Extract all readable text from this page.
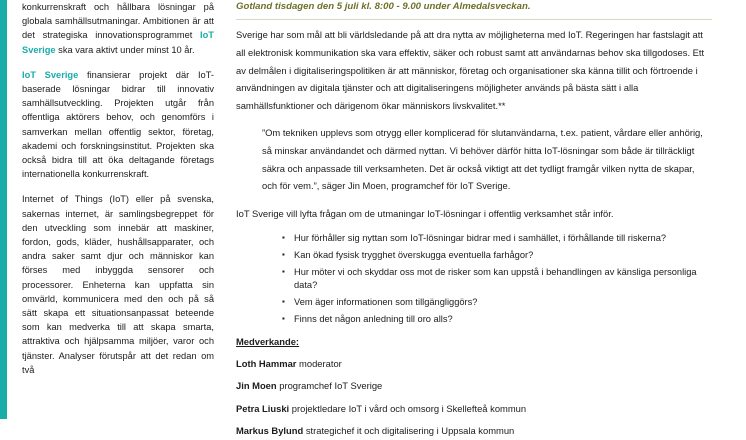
konkurrenskraft och hållbara lösningar på globala samhällsutmaningar. Ambitionen är att det strategiska innovationsprogrammet IoT Sverige ska vara aktivt under minst 10 år.

IoT Sverige finansierar projekt där IoT-baserade lösningar bidrar till innovativ samhällsutveckling. Projekten utgår från offentliga aktörers behov, och genomförs i samverkan mellan offentlig sektor, företag, akademi och forskningsinstitut. Projekten ska också bidra till att öka deltagande företags internationella konkurrenskraft.

Internet of Things (IoT) eller på svenska, sakernas internet, är samlingsbegreppet för den utveckling som innebär att maskiner, fordon, gods, kläder, hushållsapparater, och andra saker samt djur och människor kan förses med inbyggda sensorer och processorer. Enheterna kan uppfatta sin omvärld, kommunicera med den och på så sätt skapa ett situationsanpassat beteende som kan medverka till att skapa smarta, attraktiva och hjälpsamma miljöer, varor och tjänster. Analyser förutspår att det redan om två

Gotland tisdagen den 5 juli kl. 8:00 - 9.00 under Almedalsveckan.

Sverige har som mål att bli världsledande på att dra nytta av möjligheterna med IoT. Regeringen har fastslagit att all elektronisk kommunikation ska vara effektiv, säker och robust samt att användarnas behov ska tillgodoses. Ett av delmålen i digitaliseringspolitiken är att människor, företag och organisationer ska känna tillit och förtroende i användningen av digitala tjänster och att digitaliseringens möjligheter används på bästa sätt i alla samhällsfunktioner och därigenom ökar människors livskvalitet.**

”Om tekniken upplevs som otrygg eller komplicerad för slutanvändarna, t.ex. patient, vårdare eller anhörig, så minskar användandet och därmed nyttan. Vi behöver därför hitta IoT-lösningar som både är tillräckligt säkra och anpassade till verksamheten. Det är också viktigt att det tydligt framgår vilken nytta de skapar, och för vem.”, säger Jin Moen, programchef för IoT Sverige.

IoT Sverige vill lyfta frågan om de utmaningar IoT-lösningar i offentlig verksamhet står inför.

▪ Hur förhåller sig nyttan som IoT-lösningar bidrar med i samhället, i förhållande till riskerna?
▪ Kan ökad fysisk trygghet överskugga eventuella farhågor?
▪ Hur möter vi och skyddar oss mot de risker som kan uppstå i behandlingen av känsliga personliga data?
▪ Vem äger informationen som tillgängliggörs?
▪ Finns det någon anledning till oro alls?
Medverkande:
Loth Hammar moderator
Jin Moen programchef IoT Sverige
Petra Liuski projektledare IoT i vård och omsorg i Skellefteå kommun
Markus Bylund strategichef it och digitalisering i Uppsala kommun
